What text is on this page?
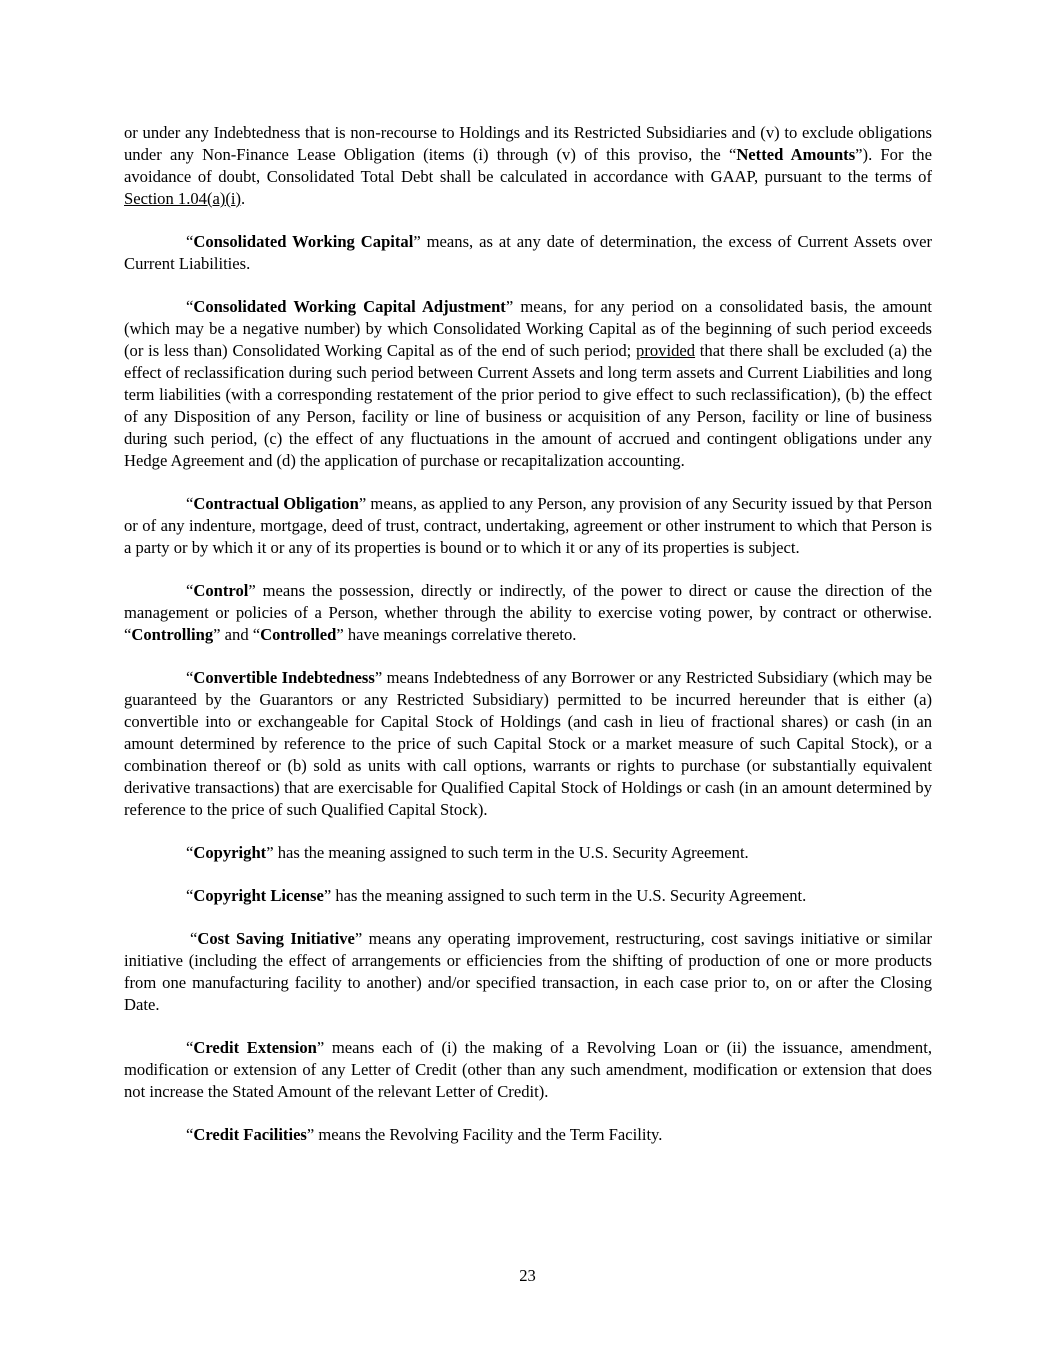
or under any Indebtedness that is non-recourse to Holdings and its Restricted Subsidiaries and (v) to exclude obligations under any Non-Finance Lease Obligation (items (i) through (v) of this proviso, the “Netted Amounts”). For the avoidance of doubt, Consolidated Total Debt shall be calculated in accordance with GAAP, pursuant to the terms of Section 1.04(a)(i).

“Consolidated Working Capital” means, as at any date of determination, the excess of Current Assets over Current Liabilities.

“Consolidated Working Capital Adjustment” means, for any period on a consolidated basis, the amount (which may be a negative number) by which Consolidated Working Capital as of the beginning of such period exceeds (or is less than) Consolidated Working Capital as of the end of such period; provided that there shall be excluded (a) the effect of reclassification during such period between Current Assets and long term assets and Current Liabilities and long term liabilities (with a corresponding restatement of the prior period to give effect to such reclassification), (b) the effect of any Disposition of any Person, facility or line of business or acquisition of any Person, facility or line of business during such period, (c) the effect of any fluctuations in the amount of accrued and contingent obligations under any Hedge Agreement and (d) the application of purchase or recapitalization accounting.

“Contractual Obligation” means, as applied to any Person, any provision of any Security issued by that Person or of any indenture, mortgage, deed of trust, contract, undertaking, agreement or other instrument to which that Person is a party or by which it or any of its properties is bound or to which it or any of its properties is subject.

“Control” means the possession, directly or indirectly, of the power to direct or cause the direction of the management or policies of a Person, whether through the ability to exercise voting power, by contract or otherwise. “Controlling” and “Controlled” have meanings correlative thereto.

“Convertible Indebtedness” means Indebtedness of any Borrower or any Restricted Subsidiary (which may be guaranteed by the Guarantors or any Restricted Subsidiary) permitted to be incurred hereunder that is either (a) convertible into or exchangeable for Capital Stock of Holdings (and cash in lieu of fractional shares) or cash (in an amount determined by reference to the price of such Capital Stock or a market measure of such Capital Stock), or a combination thereof or (b) sold as units with call options, warrants or rights to purchase (or substantially equivalent derivative transactions) that are exercisable for Qualified Capital Stock of Holdings or cash (in an amount determined by reference to the price of such Qualified Capital Stock).

“Copyright” has the meaning assigned to such term in the U.S. Security Agreement.

“Copyright License” has the meaning assigned to such term in the U.S. Security Agreement.

“Cost Saving Initiative” means any operating improvement, restructuring, cost savings initiative or similar initiative (including the effect of arrangements or efficiencies from the shifting of production of one or more products from one manufacturing facility to another) and/or specified transaction, in each case prior to, on or after the Closing Date.

“Credit Extension” means each of (i) the making of a Revolving Loan or (ii) the issuance, amendment, modification or extension of any Letter of Credit (other than any such amendment, modification or extension that does not increase the Stated Amount of the relevant Letter of Credit).

“Credit Facilities” means the Revolving Facility and the Term Facility.

23
